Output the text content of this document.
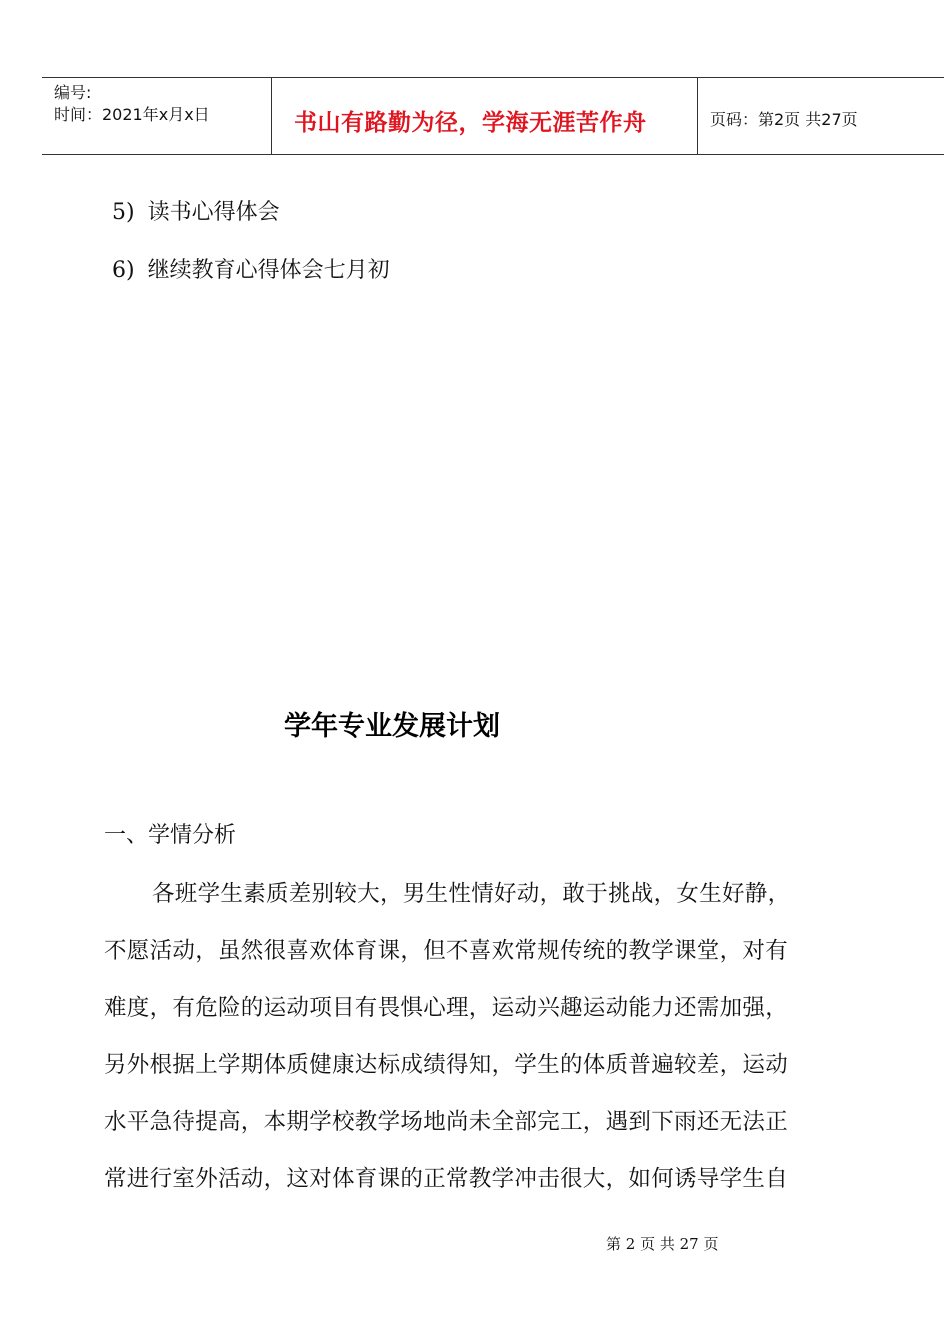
编号:
时间：2021年x月x日	书山有路勤为径，学海无涯苦作舟	页码：第2页 共27页
5) 读书心得体会
6) 继续教育心得体会七月初
学年专业发展计划
一、学情分析
各班学生素质差别较大，男生性情好动，敢于挑战，女生好静，
不愿活动，虽然很喜欢体育课，但不喜欢常规传统的教学课堂，对有
难度，有危险的运动项目有畏惧心理，运动兴趣运动能力还需加强，
另外根据上学期体质健康达标成绩得知，学生的体质普遍较差，运动
水平急待提高，本期学校教学场地尚未全部完工，遇到下雨还无法正
常进行室外活动，这对体育课的正常教学冲击很大，如何诱导学生自
第 2 页 共 27 页
